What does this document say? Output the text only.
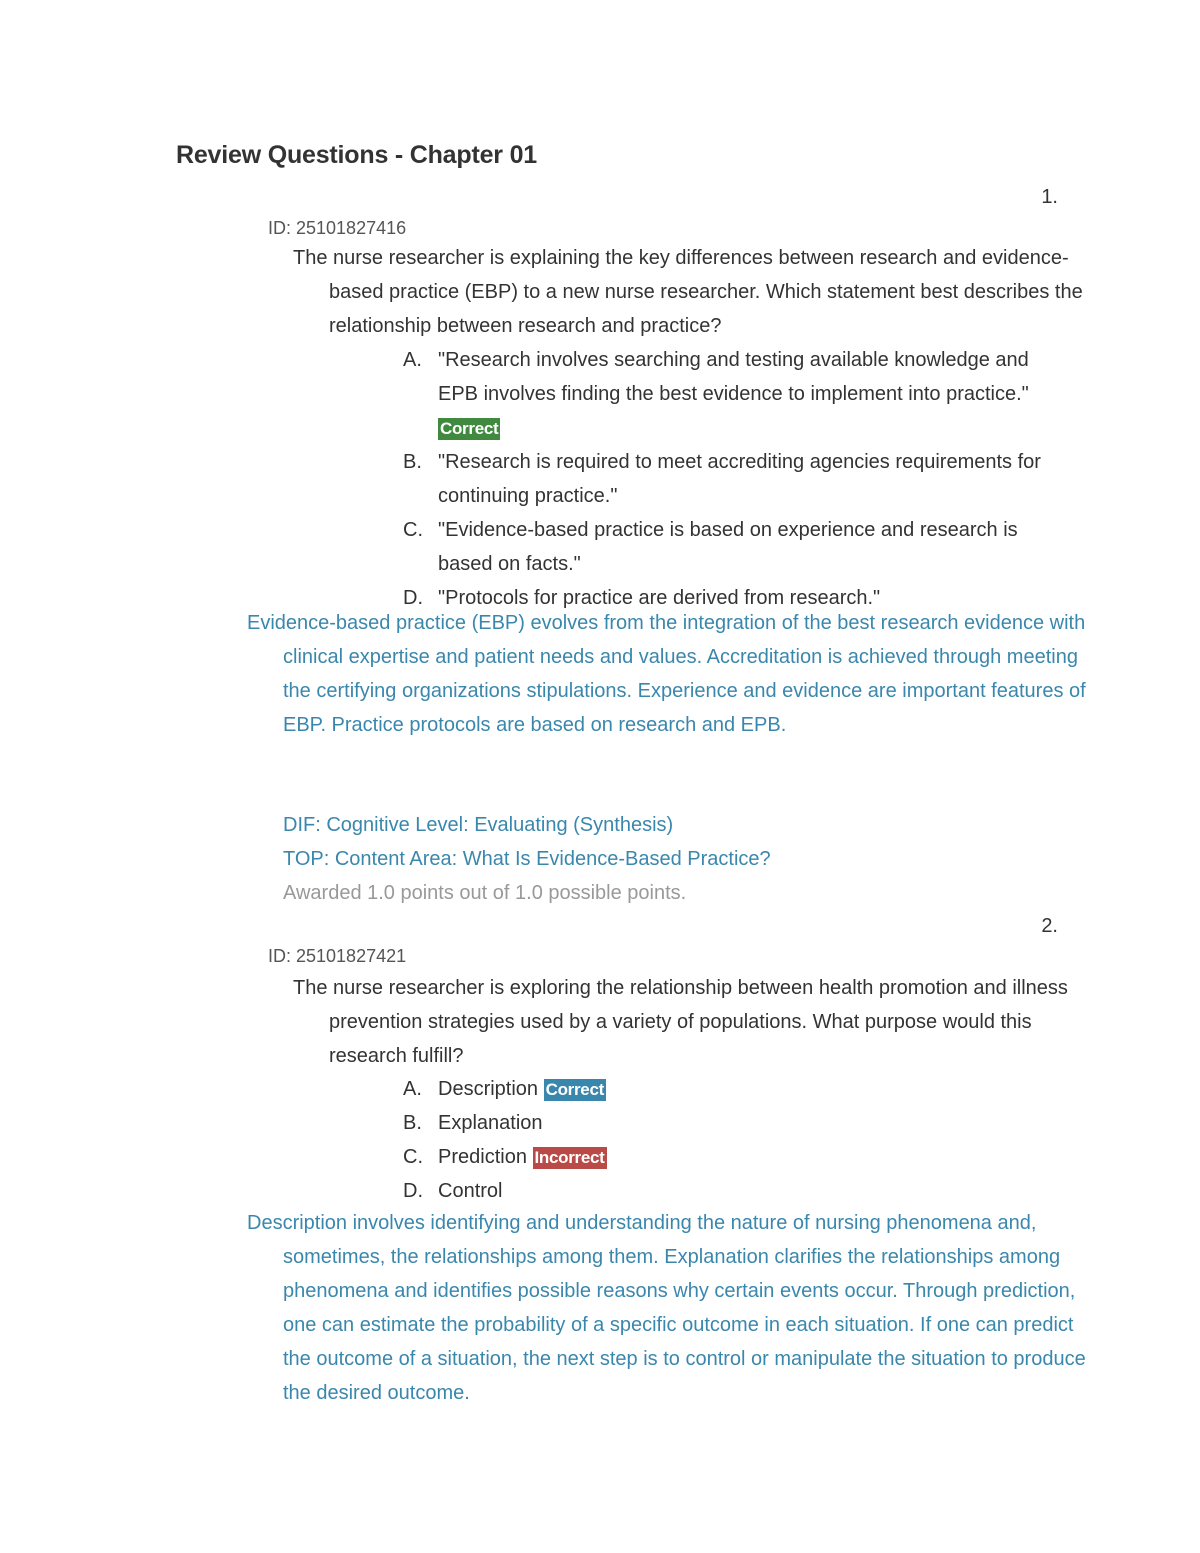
Review Questions - Chapter 01
1.
ID: 25101827416

The nurse researcher is explaining the key differences between research and evidence-based practice (EBP) to a new nurse researcher. Which statement best describes the relationship between research and practice?

A. "Research involves searching and testing available knowledge and EPB involves finding the best evidence to implement into practice." Correct
B. "Research is required to meet accrediting agencies requirements for continuing practice."
C. "Evidence-based practice is based on experience and research is based on facts."
D. "Protocols for practice are derived from research."

Evidence-based practice (EBP) evolves from the integration of the best research evidence with clinical expertise and patient needs and values. Accreditation is achieved through meeting the certifying organizations stipulations. Experience and evidence are important features of EBP. Practice protocols are based on research and EPB.

DIF: Cognitive Level: Evaluating (Synthesis)
TOP: Content Area: What Is Evidence-Based Practice?
Awarded 1.0 points out of 1.0 possible points.
2.
ID: 25101827421

The nurse researcher is exploring the relationship between health promotion and illness prevention strategies used by a variety of populations. What purpose would this research fulfill?

A. Description Correct
B. Explanation
C. Prediction Incorrect
D. Control

Description involves identifying and understanding the nature of nursing phenomena and, sometimes, the relationships among them. Explanation clarifies the relationships among phenomena and identifies possible reasons why certain events occur. Through prediction, one can estimate the probability of a specific outcome in each situation. If one can predict the outcome of a situation, the next step is to control or manipulate the situation to produce the desired outcome.
